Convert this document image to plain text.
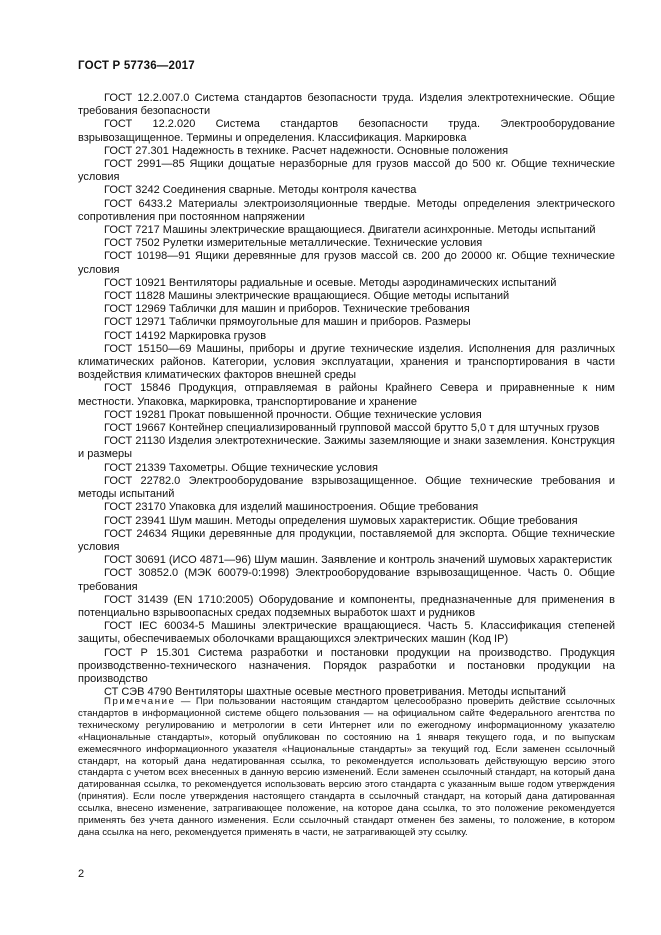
ГОСТ Р 57736—2017

ГОСТ 12.2.007.0 Система стандартов безопасности труда. Изделия электротехнические. Общие требования безопасности

ГОСТ 12.2.020 Система стандартов безопасности труда. Электрооборудование взрывозащищенное. Термины и определения. Классификация. Маркировка

ГОСТ 27.301 Надежность в технике. Расчет надежности. Основные положения

ГОСТ 2991—85 Ящики дощатые неразборные для грузов массой до 500 кг. Общие технические условия

ГОСТ 3242 Соединения сварные. Методы контроля качества

ГОСТ 6433.2 Материалы электроизоляционные твердые. Методы определения электрического сопротивления при постоянном напряжении

ГОСТ 7217 Машины электрические вращающиеся. Двигатели асинхронные. Методы испытаний

ГОСТ 7502 Рулетки измерительные металлические. Технические условия

ГОСТ 10198—91 Ящики деревянные для грузов массой св. 200 до 20000 кг. Общие технические условия

ГОСТ 10921 Вентиляторы радиальные и осевые. Методы аэродинамических испытаний

ГОСТ 11828 Машины электрические вращающиеся. Общие методы испытаний

ГОСТ 12969 Таблички для машин и приборов. Технические требования

ГОСТ 12971 Таблички прямоугольные для машин и приборов. Размеры

ГОСТ 14192 Маркировка грузов

ГОСТ 15150—69 Машины, приборы и другие технические изделия. Исполнения для различных климатических районов. Категории, условия эксплуатации, хранения и транспортирования в части воздействия климатических факторов внешней среды

ГОСТ 15846 Продукция, отправляемая в районы Крайнего Севера и приравненные к ним местности. Упаковка, маркировка, транспортирование и хранение

ГОСТ 19281 Прокат повышенной прочности. Общие технические условия

ГОСТ 19667 Контейнер специализированный групповой массой брутто 5,0 т для штучных грузов

ГОСТ 21130 Изделия электротехнические. Зажимы заземляющие и знаки заземления. Конструкция и размеры

ГОСТ 21339 Тахометры. Общие технические условия

ГОСТ 22782.0 Электрооборудование взрывозащищенное. Общие технические требования и методы испытаний

ГОСТ 23170 Упаковка для изделий машиностроения. Общие требования

ГОСТ 23941 Шум машин. Методы определения шумовых характеристик. Общие требования

ГОСТ 24634 Ящики деревянные для продукции, поставляемой для экспорта. Общие технические условия

ГОСТ 30691 (ИСО 4871—96) Шум машин. Заявление и контроль значений шумовых характеристик

ГОСТ 30852.0 (МЭК 60079-0:1998) Электрооборудование взрывозащищенное. Часть 0. Общие требования

ГОСТ 31439 (EN 1710:2005) Оборудование и компоненты, предназначенные для применения в потенциально взрывоопасных средах подземных выработок шахт и рудников

ГОСТ IEC 60034-5 Машины электрические вращающиеся. Часть 5. Классификация степеней защиты, обеспечиваемых оболочками вращающихся электрических машин (Код IP)

ГОСТ Р 15.301 Система разработки и постановки продукции на производство. Продукция производственно-технического назначения. Порядок разработки и постановки продукции на производство

СТ СЭВ 4790 Вентиляторы шахтные осевые местного проветривания. Методы испытаний

Примечание — При пользовании настоящим стандартом целесообразно проверить действие ссылочных стандартов в информационной системе общего пользования — на официальном сайте Федерального агентства по техническому регулированию и метрологии в сети Интернет или по ежегодному информационному указателю «Национальные стандарты», который опубликован по состоянию на 1 января текущего года, и по выпускам ежемесячного информационного указателя «Национальные стандарты» за текущий год. Если заменен ссылочный стандарт, на который дана недатированная ссылка, то рекомендуется использовать действующую версию этого стандарта с учетом всех внесенных в данную версию изменений. Если заменен ссылочный стандарт, на который дана датированная ссылка, то рекомендуется использовать версию этого стандарта с указанным выше годом утверждения (принятия). Если после утверждения настоящего стандарта в ссылочный стандарт, на который дана датированная ссылка, внесено изменение, затрагивающее положение, на которое дана ссылка, то это положение рекомендуется применять без учета данного изменения. Если ссылочный стандарт отменен без замены, то положение, в котором дана ссылка на него, рекомендуется применять в части, не затрагивающей эту ссылку.
2
